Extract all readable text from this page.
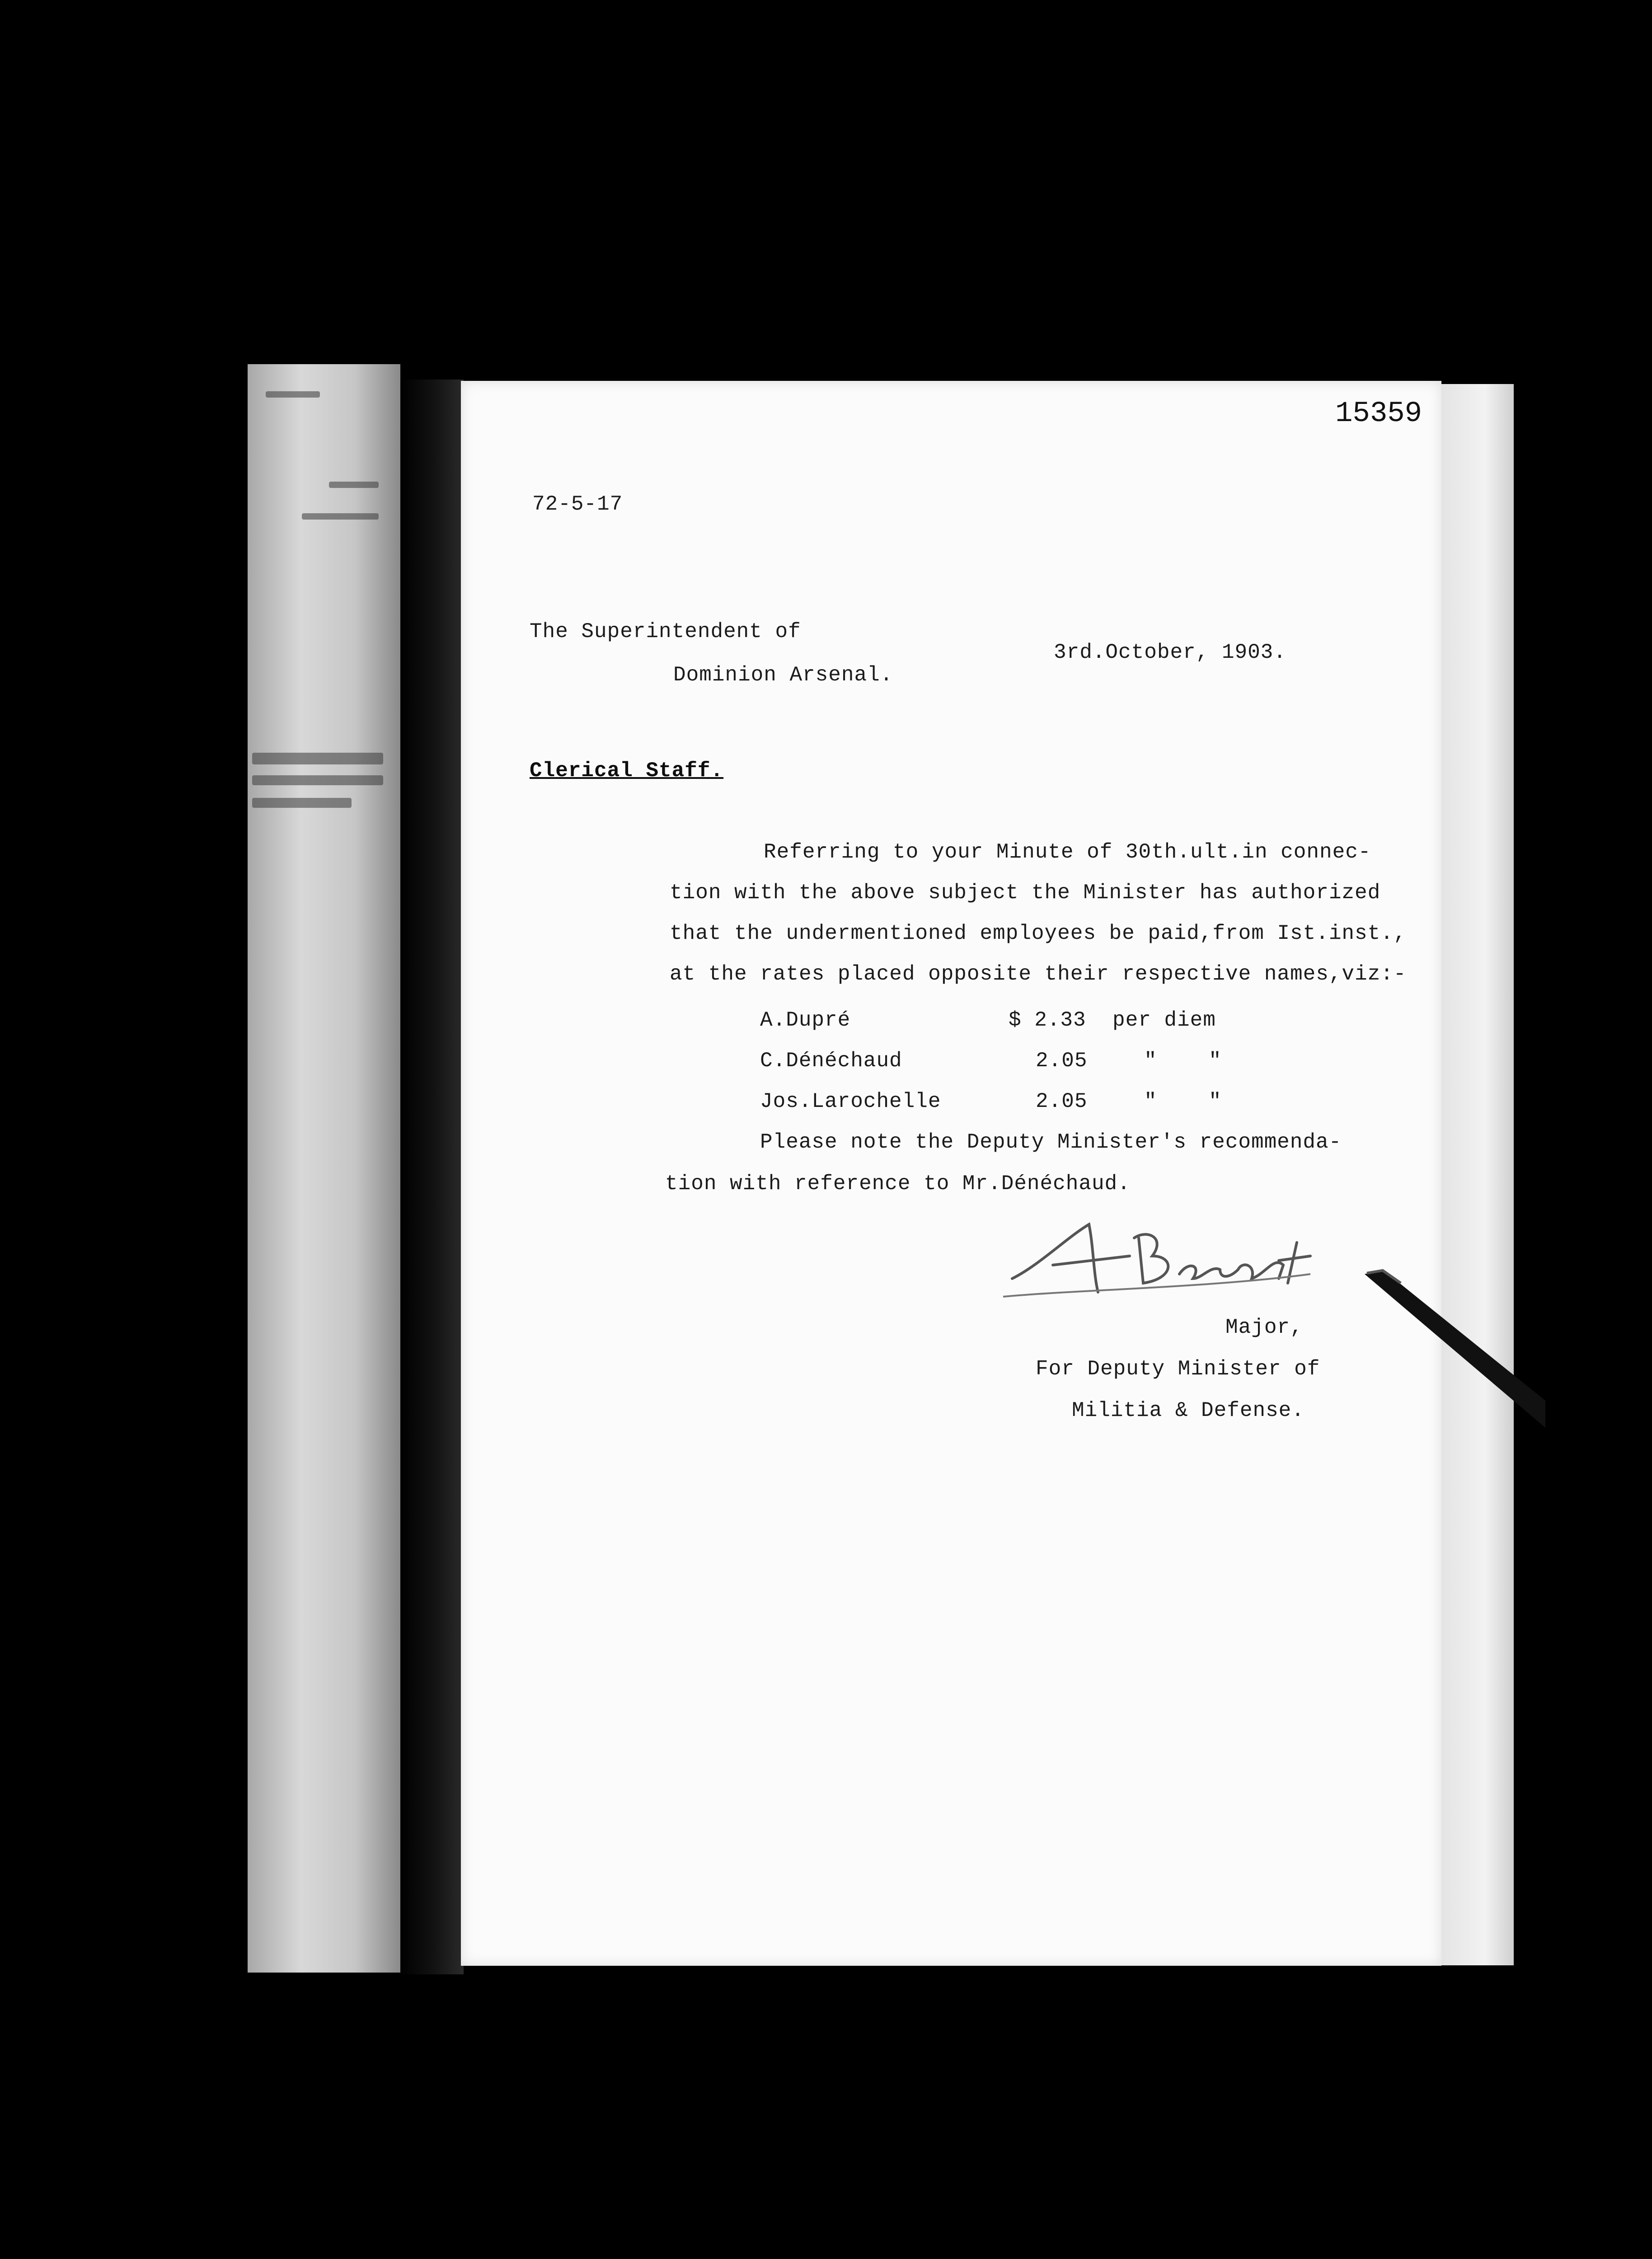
15359
72-5-17
The Superintendent of
Dominion Arsenal.
3rd.October, 1903.
Clerical Staff.
Referring to your Minute of 30th.ult.in connec-
tion with the above subject the Minister has authorized
that the undermentioned employees be paid,from Ist.inst.,
at the rates placed opposite their respective names,viz:-
A.Dupré	$ 2.33 per diem
C.Dénéchaud	2.05	"    "
Jos.Larochelle	2.05	"    "
Please note the Deputy Minister's recommenda-
tion with reference to Mr.Dénéchaud.
Major,
For Deputy Minister of
Militia & Defense.
